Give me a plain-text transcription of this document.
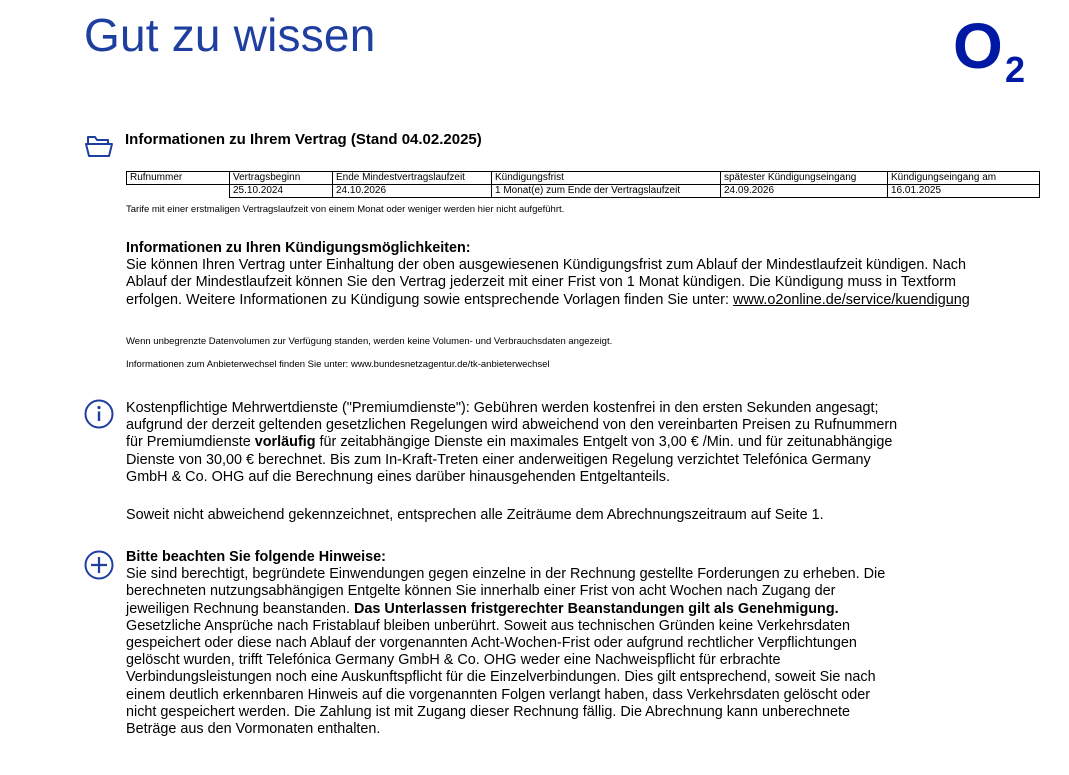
Gut zu wissen	O 2
Informationen zu Ihrem Vertrag (Stand 04.02.2025)
Rufnummer	Vertragsbeginn	Ende Mindestvertragslaufzeit	Kündigungsfrist	spätester Kündigungseingang	Kündigungseingang am
	25.10.2024	24.10.2026	1 Monat(e) zum Ende der Vertragslaufzeit	24.09.2026	16.01.2025
Tarife mit einer erstmaligen Vertragslaufzeit von einem Monat oder weniger werden hier nicht aufgeführt.
Informationen zu Ihren Kündigungsmöglichkeiten:
Sie können Ihren Vertrag unter Einhaltung der oben ausgewiesenen Kündigungsfrist zum Ablauf der Mindestlaufzeit kündigen. Nach
Ablauf der Mindestlaufzeit können Sie den Vertrag jederzeit mit einer Frist von 1 Monat kündigen. Die Kündigung muss in Textform
erfolgen. Weitere Informationen zu Kündigung sowie entsprechende Vorlagen finden Sie unter: www.o2online.de/service/kuendigung
Wenn unbegrenzte Datenvolumen zur Verfügung standen, werden keine Volumen- und Verbrauchsdaten angezeigt.
Informationen zum Anbieterwechsel finden Sie unter: www.bundesnetzagentur.de/tk-anbieterwechsel
Kostenpflichtige Mehrwertdienste ("Premiumdienste"): Gebühren werden kostenfrei in den ersten Sekunden angesagt;
aufgrund der derzeit geltenden gesetzlichen Regelungen wird abweichend von den vereinbarten Preisen zu Rufnummern
für Premiumdienste vorläufig für zeitabhängige Dienste ein maximales Entgelt von 3,00 € /Min. und für zeitunabhängige
Dienste von 30,00 € berechnet. Bis zum In-Kraft-Treten einer anderweitigen Regelung verzichtet Telefónica Germany
GmbH & Co. OHG auf die Berechnung eines darüber hinausgehenden Entgeltanteils.
Soweit nicht abweichend gekennzeichnet, entsprechen alle Zeiträume dem Abrechnungszeitraum auf Seite 1.
Bitte beachten Sie folgende Hinweise:
Sie sind berechtigt, begründete Einwendungen gegen einzelne in der Rechnung gestellte Forderungen zu erheben. Die
berechneten nutzungsabhängigen Entgelte können Sie innerhalb einer Frist von acht Wochen nach Zugang der
jeweiligen Rechnung beanstanden. Das Unterlassen fristgerechter Beanstandungen gilt als Genehmigung.
Gesetzliche Ansprüche nach Fristablauf bleiben unberührt. Soweit aus technischen Gründen keine Verkehrsdaten
gespeichert oder diese nach Ablauf der vorgenannten Acht-Wochen-Frist oder aufgrund rechtlicher Verpflichtungen
gelöscht wurden, trifft Telefónica Germany GmbH & Co. OHG weder eine Nachweispflicht für erbrachte
Verbindungsleistungen noch eine Auskunftspflicht für die Einzelverbindungen. Dies gilt entsprechend, soweit Sie nach
einem deutlich erkennbaren Hinweis auf die vorgenannten Folgen verlangt haben, dass Verkehrsdaten gelöscht oder
nicht gespeichert werden. Die Zahlung ist mit Zugang dieser Rechnung fällig. Die Abrechnung kann unberechnete
Beträge aus den Vormonaten enthalten.
